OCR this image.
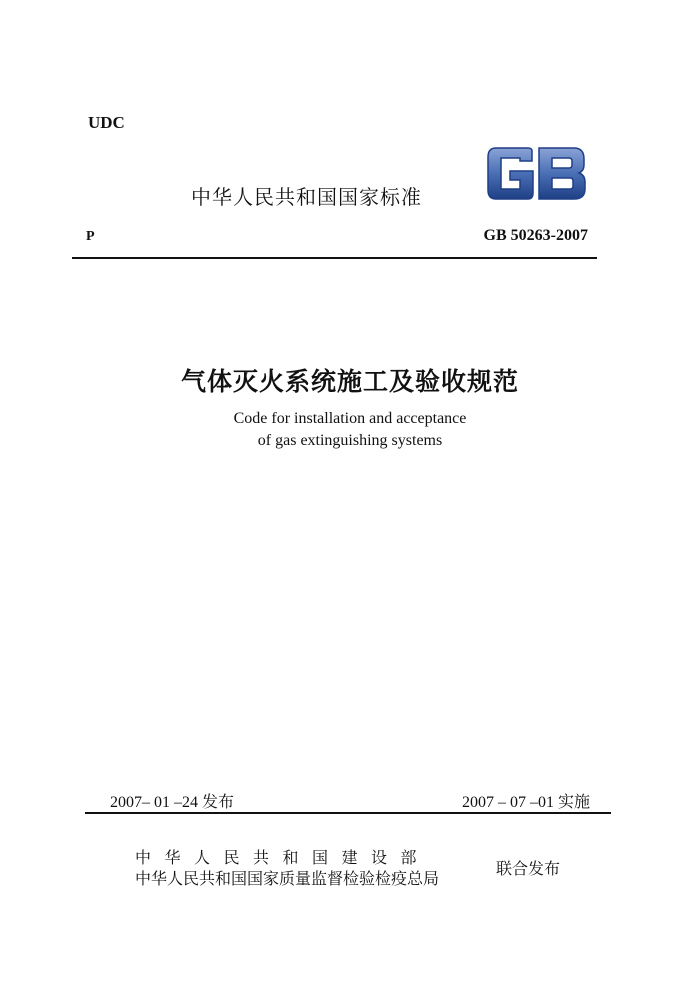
UDC
中华人民共和国国家标准
P	GB 50263-2007
气体灭火系统施工及验收规范
Code for installation and acceptance
of gas extinguishing systems
2007– 01 –24 发布	2007 – 07 –01 实施
中华人民共和国建设部
中华人民共和国国家质量监督检验检疫总局
联合发布
